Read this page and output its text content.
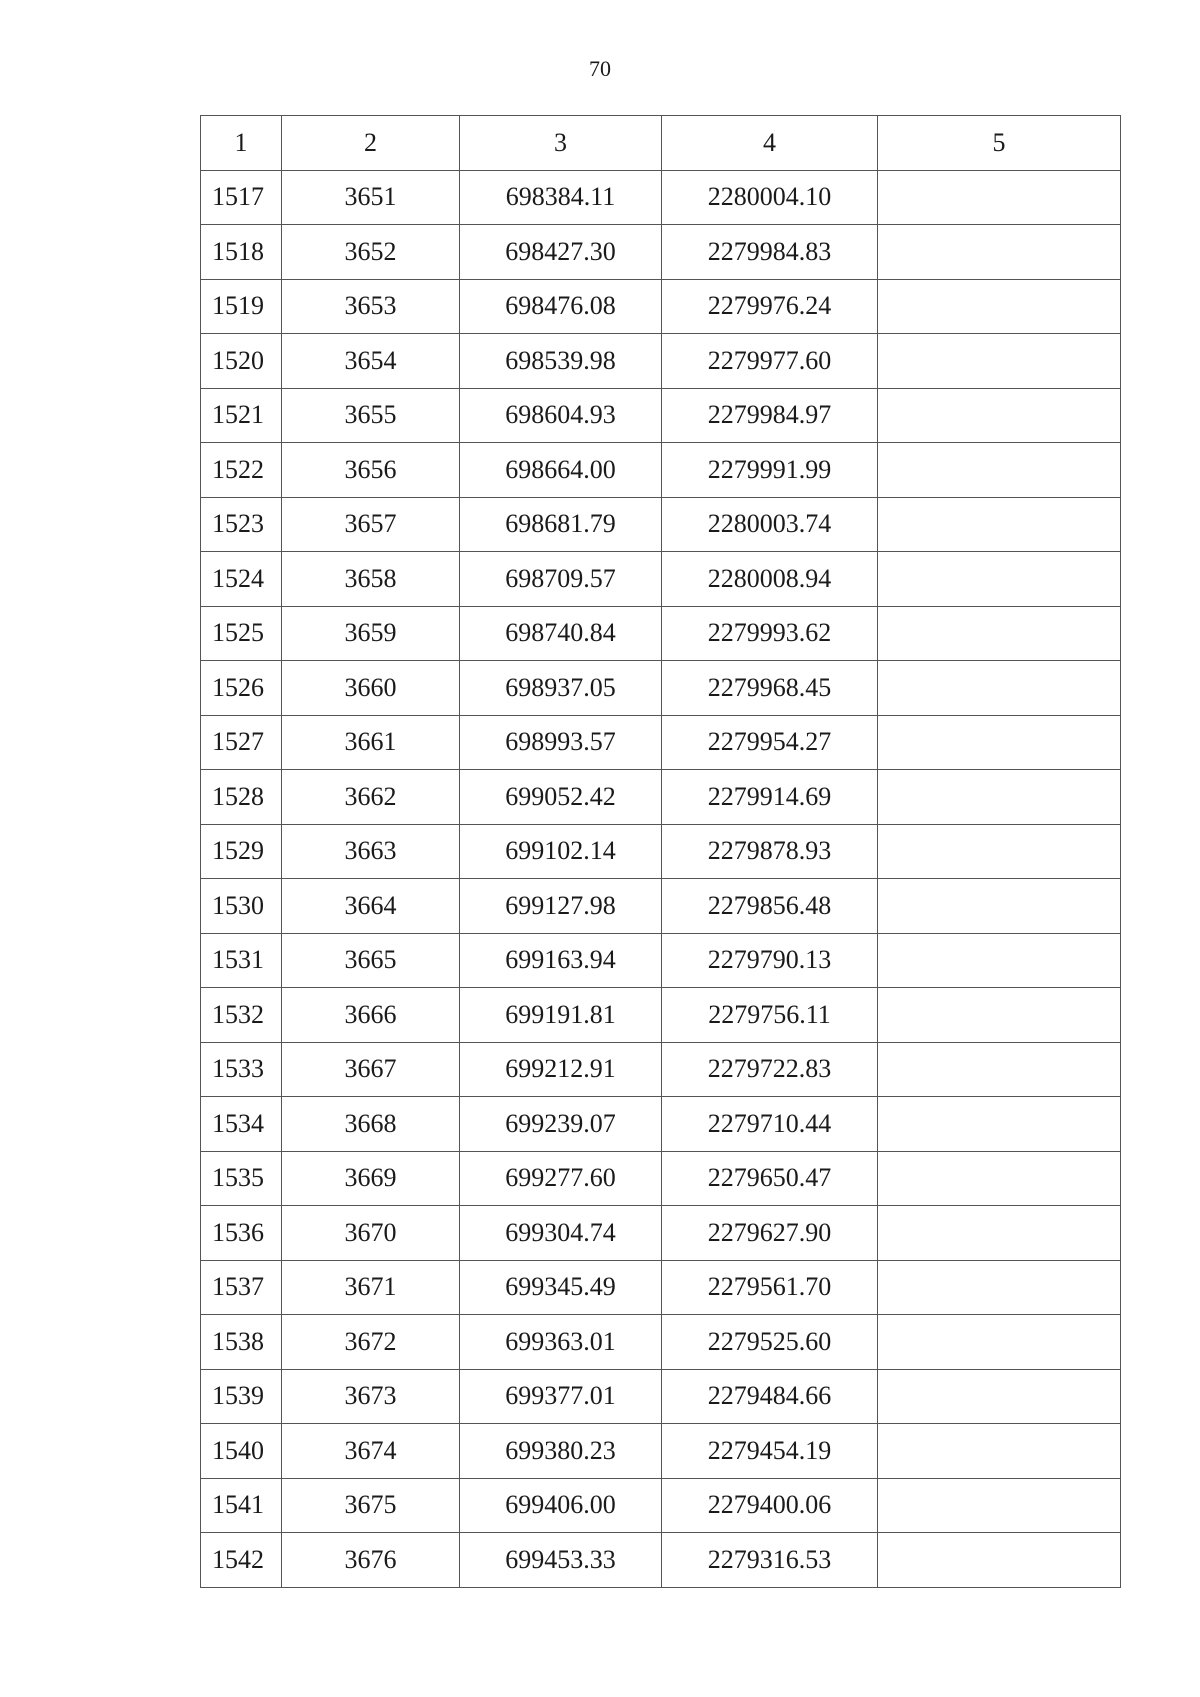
70
1	2	3	4	5
1517	3651	698384.11	2280004.10	
1518	3652	698427.30	2279984.83	
1519	3653	698476.08	2279976.24	
1520	3654	698539.98	2279977.60	
1521	3655	698604.93	2279984.97	
1522	3656	698664.00	2279991.99	
1523	3657	698681.79	2280003.74	
1524	3658	698709.57	2280008.94	
1525	3659	698740.84	2279993.62	
1526	3660	698937.05	2279968.45	
1527	3661	698993.57	2279954.27	
1528	3662	699052.42	2279914.69	
1529	3663	699102.14	2279878.93	
1530	3664	699127.98	2279856.48	
1531	3665	699163.94	2279790.13	
1532	3666	699191.81	2279756.11	
1533	3667	699212.91	2279722.83	
1534	3668	699239.07	2279710.44	
1535	3669	699277.60	2279650.47	
1536	3670	699304.74	2279627.90	
1537	3671	699345.49	2279561.70	
1538	3672	699363.01	2279525.60	
1539	3673	699377.01	2279484.66	
1540	3674	699380.23	2279454.19	
1541	3675	699406.00	2279400.06	
1542	3676	699453.33	2279316.53	
